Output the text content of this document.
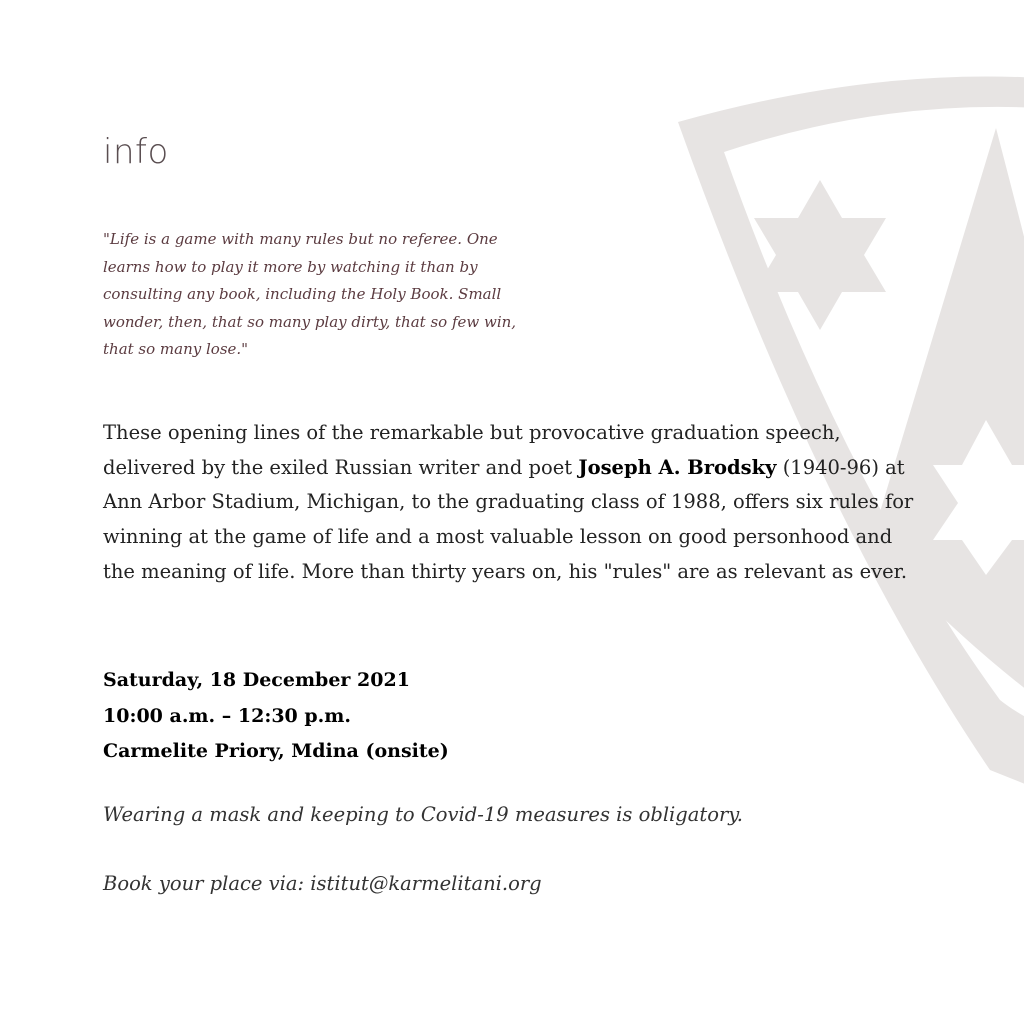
info

"Life is a game with many rules but no referee. One learns how to play it more by watching it than by consulting any book, including the Holy Book. Small wonder, then, that so many play dirty, that so few win, that so many lose."

These opening lines of the remarkable but provocative graduation speech, delivered by the exiled Russian writer and poet Joseph A. Brodsky (1940-96) at Ann Arbor Stadium, Michigan, to the graduating class of 1988, offers six rules for winning at the game of life and a most valuable lesson on good personhood and the meaning of life. More than thirty years on, his "rules" are as relevant as ever.

Saturday, 18 December 2021
10:00 a.m. – 12:30 p.m.
Carmelite Priory, Mdina (onsite)

Wearing a mask and keeping to Covid-19 measures is obligatory.

Book your place via: istitut@karmelitani.org
